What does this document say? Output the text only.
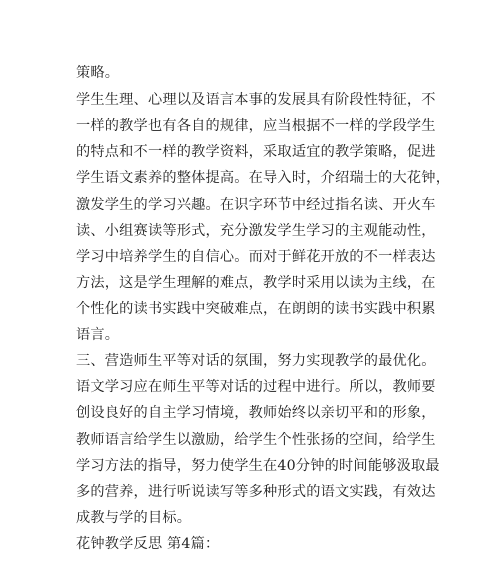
策略。
学生生理、心理以及语言本事的发展具有阶段性特征，不
一样的教学也有各自的规律，应当根据不一样的学段学生
的特点和不一样的教学资料，采取适宜的教学策略，促进
学生语文素养的整体提高。在导入时，介绍瑞士的大花钟，
激发学生的学习兴趣。在识字环节中经过指名读、开火车
读、小组赛读等形式，充分激发学生学习的主观能动性，
学习中培养学生的自信心。而对于鲜花开放的不一样表达
方法，这是学生理解的难点，教学时采用以读为主线，在
个性化的读书实践中突破难点，在朗朗的读书实践中积累
语言。
三、营造师生平等对话的氛围，努力实现教学的最优化。
语文学习应在师生平等对话的过程中进行。所以，教师要
创设良好的自主学习情境，教师始终以亲切平和的形象，
教师语言给学生以激励，给学生个性张扬的空间，给学生
学习方法的指导，努力使学生在40分钟的时间能够汲取最
多的营养，进行听说读写等多种形式的语文实践，有效达
成教与学的目标。
花钟教学反思 第4篇：
